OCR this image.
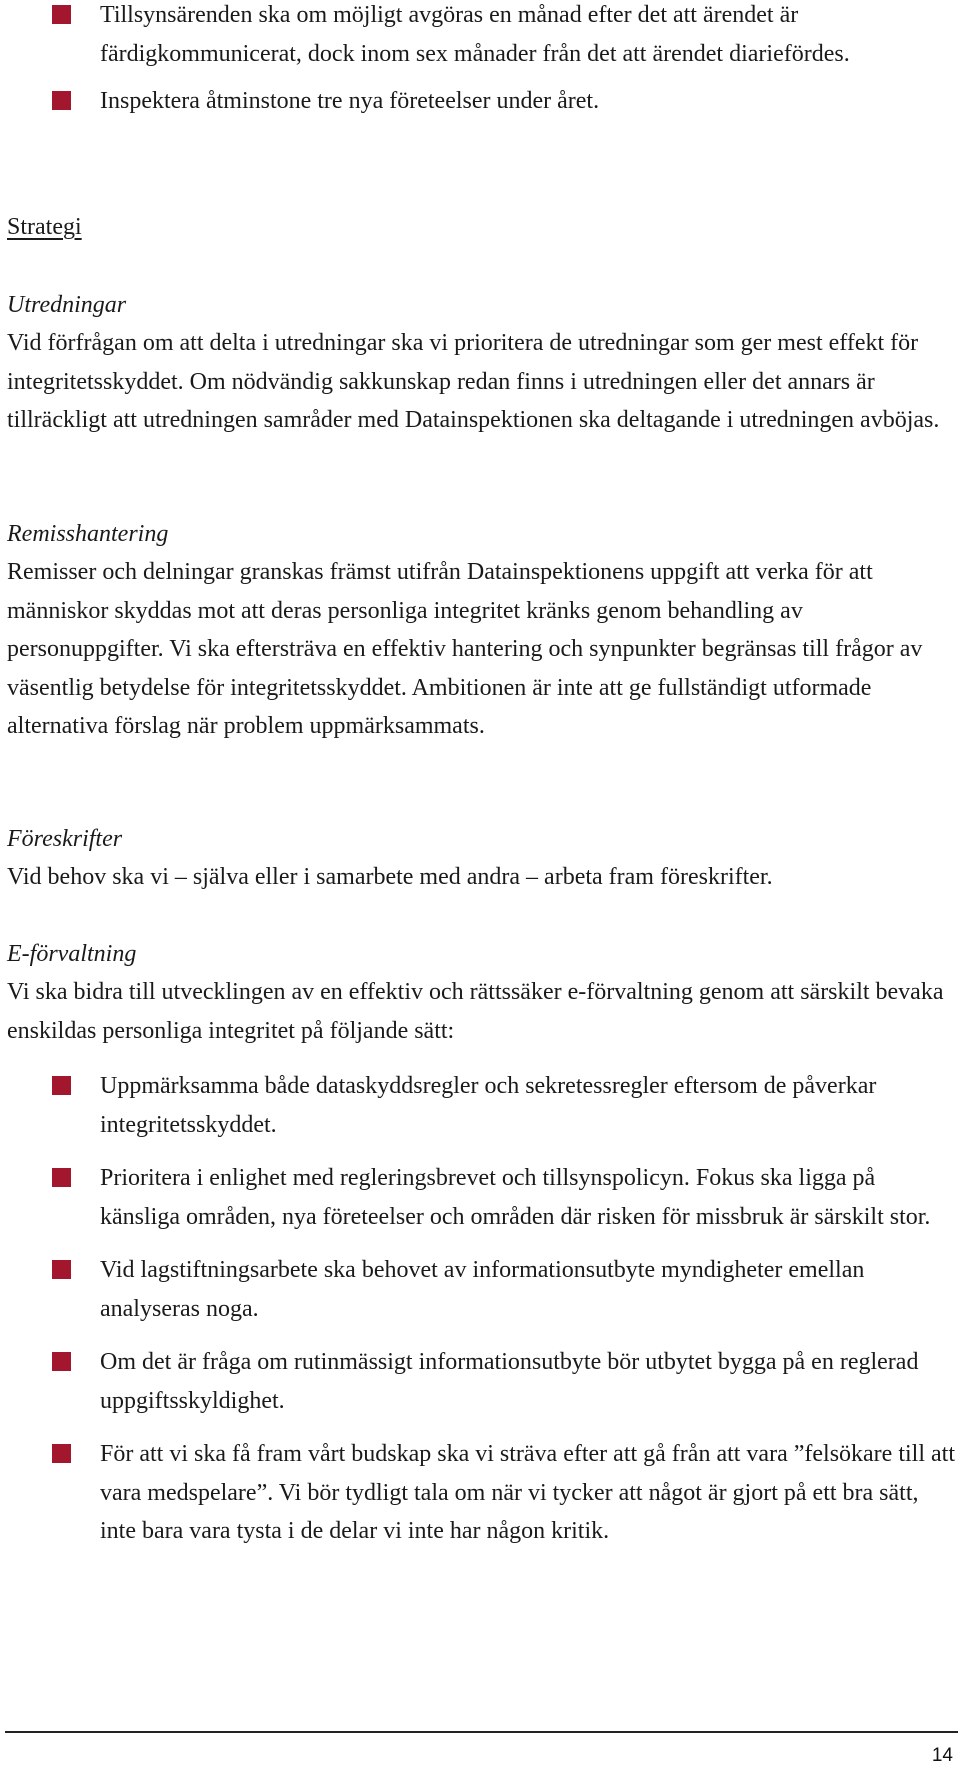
Tillsynsärenden ska om möjligt avgöras en månad efter det att ärendet är färdigkommunicerat, dock inom sex månader från det att ärendet diariefördes.

Inspektera åtminstone tre nya företeelser under året.

Strategi

Utredningar

Vid förfrågan om att delta i utredningar ska vi prioritera de utredningar som ger mest effekt för integritetsskyddet. Om nödvändig sakkunskap redan finns i utredningen eller det annars är tillräckligt att utredningen samråder med Datainspektionen ska deltagande i utredningen avböjas.

Remisshantering

Remisser och delningar granskas främst utifrån Datainspektionens uppgift att verka för att människor skyddas mot att deras personliga integritet kränks genom behandling av personuppgifter. Vi ska eftersträva en effektiv hantering och synpunkter begränsas till frågor av väsentlig betydelse för integritetsskyddet. Ambitionen är inte att ge fullständigt utformade alternativa förslag när problem uppmärksammats.

Föreskrifter

Vid behov ska vi – själva eller i samarbete med andra – arbeta fram föreskrifter.

E-förvaltning

Vi ska bidra till utvecklingen av en effektiv och rättssäker e-förvaltning genom att särskilt bevaka enskildas personliga integritet på följande sätt:

Uppmärksamma både dataskyddsregler och sekretessregler eftersom de påverkar integritetsskyddet.

Prioritera i enlighet med regleringsbrevet och tillsynspolicyn. Fokus ska ligga på känsliga områden, nya företeelser och områden där risken för missbruk är särskilt stor.

Vid lagstiftningsarbete ska behovet av informationsutbyte myndigheter emellan analyseras noga.

Om det är fråga om rutinmässigt informationsutbyte bör utbytet bygga på en reglerad uppgiftsskyldighet.

För att vi ska få fram vårt budskap ska vi sträva efter att gå från att vara ”felsökare till att vara medspelare”. Vi bör tydligt tala om när vi tycker att något är gjort på ett bra sätt, inte bara vara tysta i de delar vi inte har någon kritik.

14
